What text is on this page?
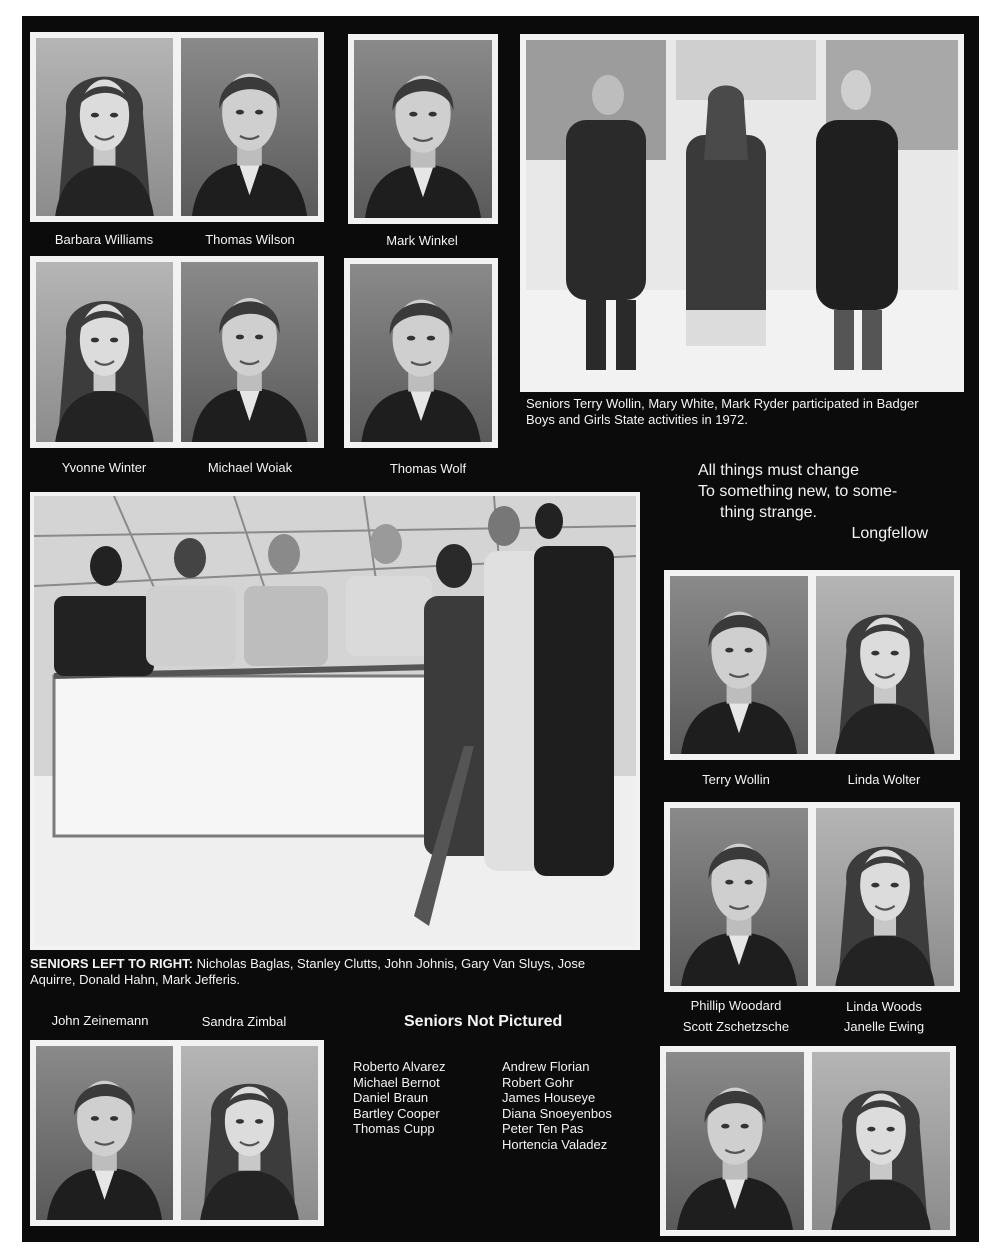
Barbara Williams	Thomas Wilson	Mark Winkel
Seniors Terry Wollin, Mary White, Mark Ryder participated in Badger
Boys and Girls State activities in 1972.
Yvonne Winter	Michael Woiak	Thomas Wolf	All things must change
To something new, to some-
thing strange.
Longfellow
SENIORS LEFT TO RIGHT: Nicholas Baglas, Stanley Clutts, John Johnis, Gary Van Sluys, Jose
Aquirre, Donald Hahn, Mark Jefferis.
Terry Wollin	Linda Wolter
Phillip Woodard	Linda Woods
Scott Zschetzsche	Janelle Ewing
John Zeinemann	Sandra Zimbal	Seniors Not Pictured
Roberto Alvarez
Michael Bernot
Daniel Braun
Bartley Cooper
Thomas Cupp
Andrew Florian
Robert Gohr
James Houseye
Diana Snoeyenbos
Peter Ten Pas
Hortencia Valadez
